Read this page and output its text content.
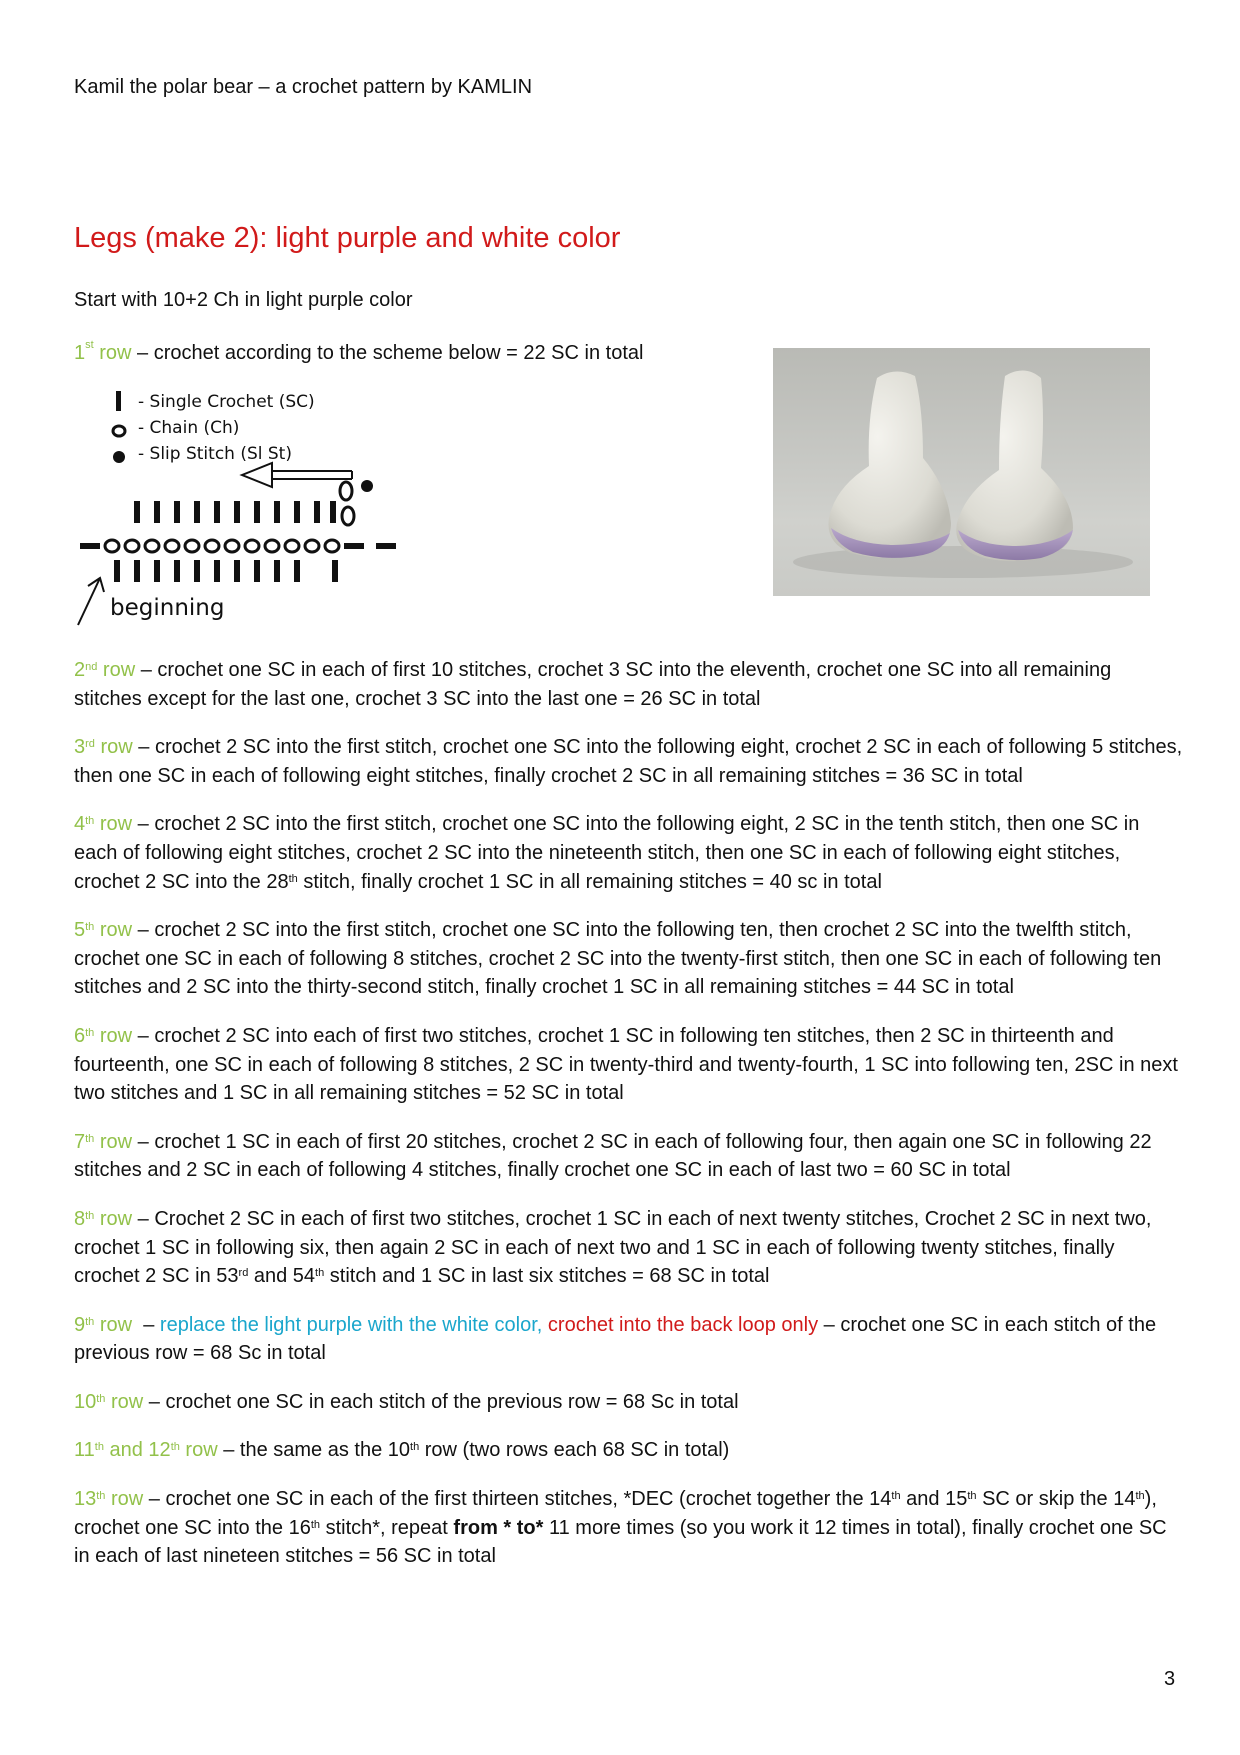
Kamil the polar bear – a crochet pattern by KAMLIN
Legs (make 2): light purple and white color
Start with 10+2 Ch in light purple color
1st row – crochet according to the scheme below = 22 SC in total
- Single Crochet (SC)
- Chain (Ch)
- Slip Stitch (Sl St)
beginning

2nd row – crochet one SC in each of first 10 stitches, crochet 3 SC into the eleventh, crochet one SC into all remaining stitches except for the last one, crochet 3 SC into the last one = 26 SC in total

3rd row – crochet 2 SC into the first stitch, crochet one SC into the following eight, crochet 2 SC in each of following 5 stitches, then one SC in each of following eight stitches, finally crochet 2 SC in all remaining stitches = 36 SC in total

4th row – crochet 2 SC into the first stitch, crochet one SC into the following eight, 2 SC in the tenth stitch, then one SC in each of following eight stitches, crochet 2 SC into the nineteenth stitch, then one SC in each of following eight stitches, crochet 2 SC into the 28th stitch, finally crochet 1 SC in all remaining stitches = 40 sc in total

5th row – crochet 2 SC into the first stitch, crochet one SC into the following ten, then crochet 2 SC into the twelfth stitch, crochet one SC in each of following 8 stitches, crochet 2 SC into the twenty-first stitch, then one SC in each of following ten stitches and 2 SC into the thirty-second stitch, finally crochet 1 SC in all remaining stitches = 44 SC in total

6th row – crochet 2 SC into each of first two stitches, crochet 1 SC in following ten stitches, then 2 SC in thirteenth and fourteenth, one SC in each of following 8 stitches, 2 SC in twenty-third and twenty-fourth, 1 SC into following ten, 2SC in next two stitches and 1 SC in all remaining stitches = 52 SC in total

7th row – crochet 1 SC in each of first 20 stitches, crochet 2 SC in each of following four, then again one SC in following 22 stitches and 2 SC in each of following 4 stitches, finally crochet one SC in each of last two = 60 SC in total

8th row – Crochet 2 SC in each of first two stitches, crochet 1 SC in each of next twenty stitches, Crochet 2 SC in next two, crochet 1 SC in following six, then again 2 SC in each of next two and 1 SC in each of following twenty stitches, finally crochet 2 SC in 53rd and 54th stitch and 1 SC in last six stitches = 68 SC in total

9th row  – replace the light purple with the white color, crochet into the back loop only – crochet one SC in each stitch of the previous row = 68 Sc in total

10th row – crochet one SC in each stitch of the previous row = 68 Sc in total

11th and 12th row – the same as the 10th row (two rows each 68 SC in total)

13th row – crochet one SC in each of the first thirteen stitches, *DEC (crochet together the 14th and 15th SC or skip the 14th), crochet one SC into the 16th stitch*, repeat from * to* 11 more times (so you work it 12 times in total), finally crochet one SC in each of last nineteen stitches = 56 SC in total

3
